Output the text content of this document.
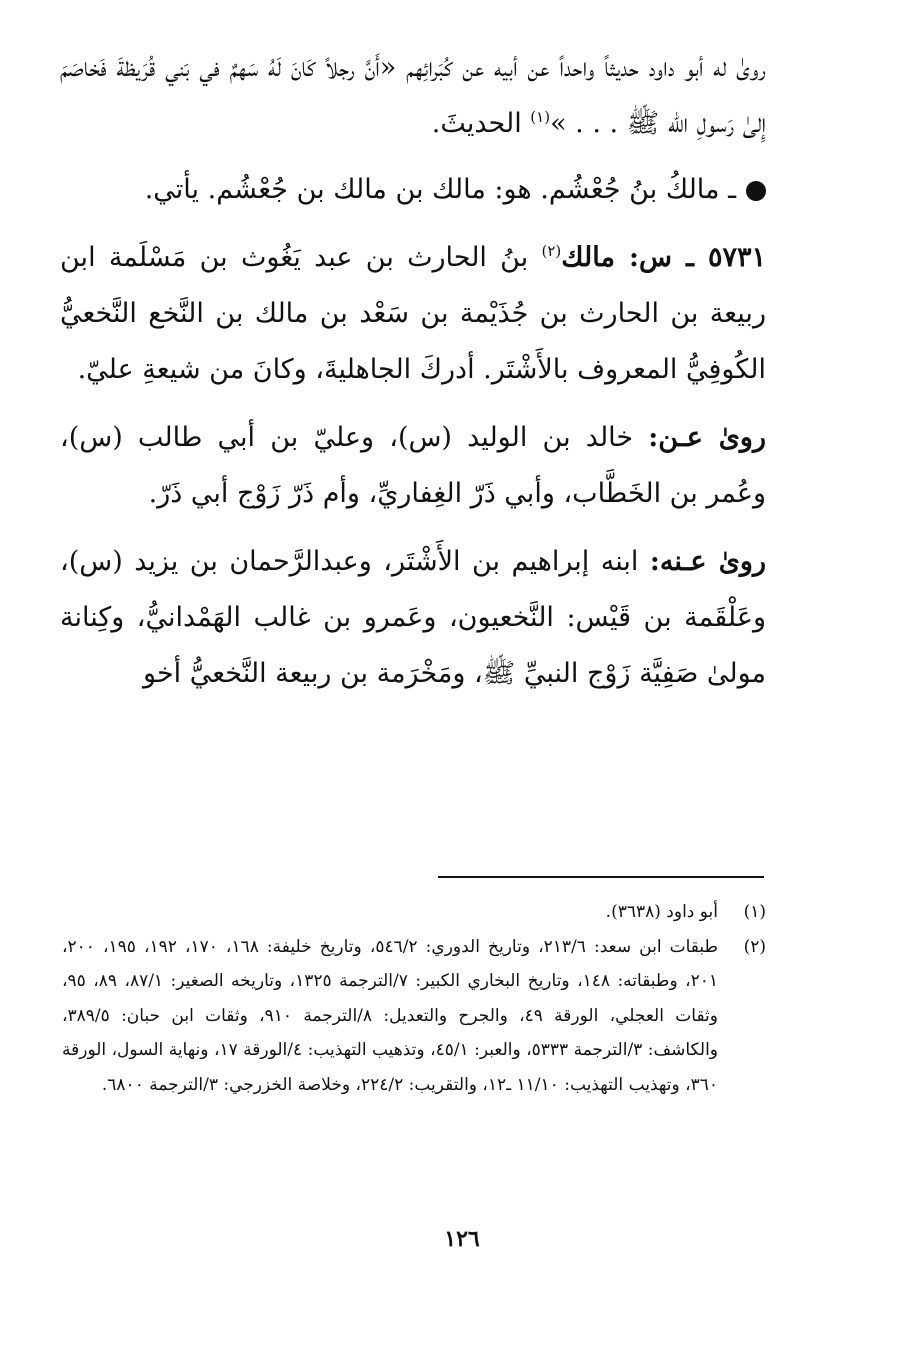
روىٰ له أبو داود حديثاً واحداً عن أبيه عن كُبَرائِهم «أَنَّ رجلاً كَانَ لَهُ سَهمٌ في بَني قُرَيظةَ فَخاصَمَ إِلىٰ رَسولِ الله ﷺ . . . »$^{(١)}$ الحديثَ.

ـ مالكُ بنُ جُعْشُم. هو: مالك بن مالك بن جُعْشُم. يأتي.

٥٧٣١ ـ س: مالك$^{(٢)}$ بنُ الحارث بن عبد يَغُوث بن مَسْلَمة ابن ربيعة بن الحارث بن جُذَيْمة بن سَعْد بن مالك بن النَّخع النَّخعيُّ الكُوفِيُّ المعروف بالأَشْتَر. أدركَ الجاهليةَ، وكانَ من شيعةِ عليّ.

روىٰ عـن: خالد بن الوليد (س)، وعليّ بن أبي طالب (س)، وعُمر بن الخَطَّاب، وأبي ذَرّ الغِفاريِّ، وأم ذَرّ زَوْج أبي ذَرّ.

روىٰ عـنه: ابنه إبراهيم بن الأَشْتَر، وعبدالرَّحمان بن يزيد (س)، وعَلْقَمة بن قَيْس: النَّخعيون، وعَمرو بن غالب الهَمْدانيُّ، وكِنانة مولىٰ صَفِيَّة زَوْج النبيِّ ﷺ، ومَخْرَمة بن ربيعة النَّخعيُّ أخو

(١)
أبو داود (٣٦٣٨).
(٢)
طبقات ابن سعد: ٢١٣/٦، وتاريخ الدوري: ٥٤٦/٢، وتاريخ خليفة: ١٦٨، ١٧٠، ١٩٢، ١٩٥، ٢٠٠، ٢٠١، وطبقاته: ١٤٨، وتاريخ البخاري الكبير: ٧/الترجمة ١٣٢٥، وتاريخه الصغير: ٨٧/١، ٨٩، ٩٥، وثقات العجلي، الورقة ٤٩، والجرح والتعديل: ٨/الترجمة ٩١٠، وثقات ابن حبان: ٣٨٩/٥، والكاشف: ٣/الترجمة ٥٣٣٣، والعبر: ٤٥/١، وتذهيب التهذيب: ٤/الورقة ١٧، ونهاية السول، الورقة ٣٦٠، وتهذيب التهذيب: ١١/١٠ ـ١٢، والتقريب: ٢٢٤/٢، وخلاصة الخزرجي: ٣/الترجمة ٦٨٠٠.
١٢٦
